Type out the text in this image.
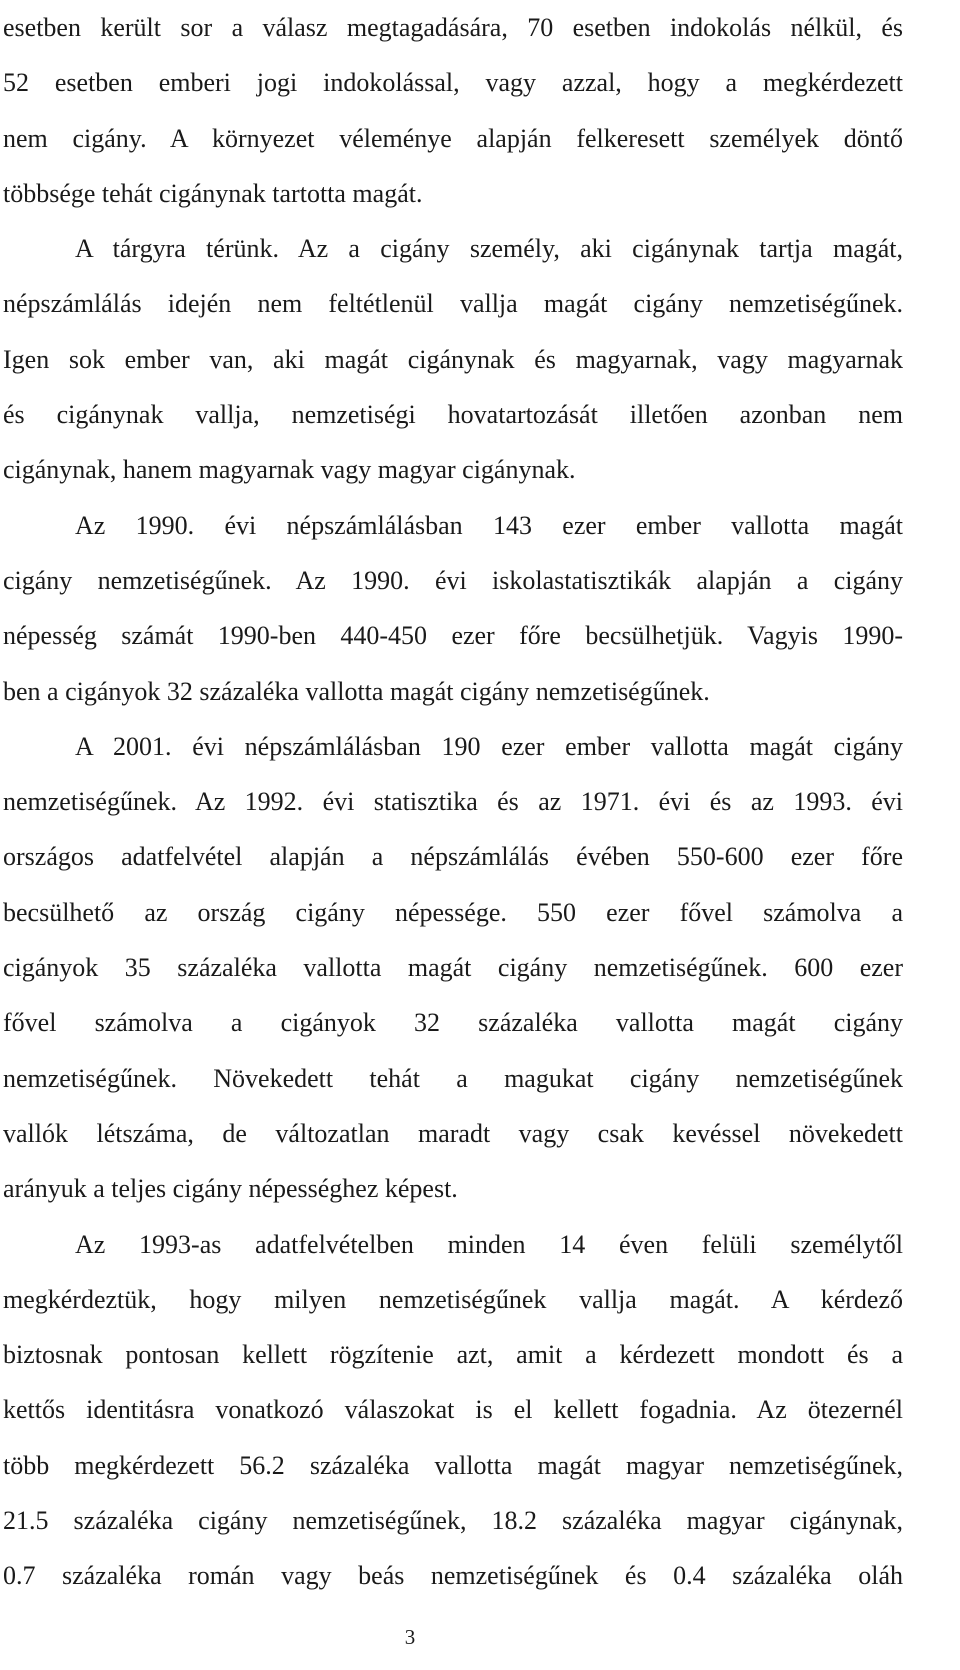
esetben került sor a válasz megtagadására, 70 esetben indokolás nélkül, és
52 esetben emberi jogi indokolással, vagy azzal, hogy a megkérdezett
nem cigány. A környezet véleménye alapján felkeresett személyek döntő
többsége tehát cigánynak tartotta magát.
A tárgyra térünk. Az a cigány személy, aki cigánynak tartja magát,
népszámlálás idején nem feltétlenül vallja magát cigány nemzetiségűnek.
Igen sok ember van, aki magát cigánynak és magyarnak, vagy magyarnak
és cigánynak vallja, nemzetiségi hovatartozását illetően azonban nem
cigánynak, hanem magyarnak vagy magyar cigánynak.
Az 1990. évi népszámlálásban 143 ezer ember vallotta magát
cigány nemzetiségűnek. Az 1990. évi iskolastatisztikák alapján a cigány
népesség számát 1990-ben 440-450 ezer főre becsülhetjük. Vagyis 1990-
ben a cigányok 32 százaléka vallotta magát cigány nemzetiségűnek.
A 2001. évi népszámlálásban 190 ezer ember vallotta magát cigány
nemzetiségűnek. Az 1992. évi statisztika és az 1971. évi és az 1993. évi
országos adatfelvétel alapján a népszámlálás évében 550-600 ezer főre
becsülhető az ország cigány népessége. 550 ezer fővel számolva a
cigányok 35 százaléka vallotta magát cigány nemzetiségűnek. 600 ezer
fővel számolva a cigányok 32 százaléka vallotta magát cigány
nemzetiségűnek. Növekedett tehát a magukat cigány nemzetiségűnek
vallók létszáma, de változatlan maradt vagy csak kevéssel növekedett
arányuk a teljes cigány népességhez képest.
Az 1993-as adatfelvételben minden 14 éven felüli személytől
megkérdeztük, hogy milyen nemzetiségűnek vallja magát. A kérdező
biztosnak pontosan kellett rögzítenie azt, amit a kérdezett mondott és a
kettős identitásra vonatkozó válaszokat is el kellett fogadnia. Az ötezernél
több megkérdezett 56.2 százaléka vallotta magát magyar nemzetiségűnek,
21.5 százaléka cigány nemzetiségűnek, 18.2 százaléka magyar cigánynak,
0.7 százaléka román vagy beás nemzetiségűnek és 0.4 százaléka oláh
3
